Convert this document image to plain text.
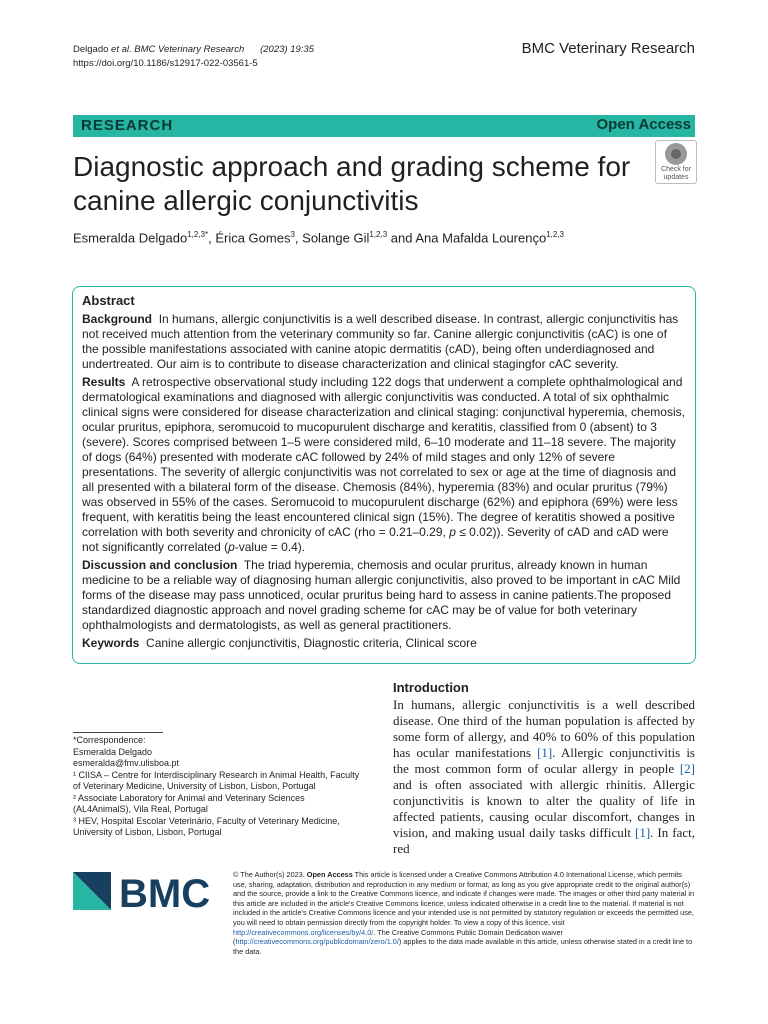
Delgado et al. BMC Veterinary Research (2023) 19:35
https://doi.org/10.1186/s12917-022-03561-5
BMC Veterinary Research
RESEARCH	Open Access
Diagnostic approach and grading scheme for canine allergic conjunctivitis
Check for
updates
Esmeralda Delgado$^{1,2,3*}$, Érica Gomes$^3$, Solange Gil$^{1,2,3}$ and Ana Mafalda Lourenço$^{1,2,3}$
Abstract

Background In humans, allergic conjunctivitis is a well described disease. In contrast, allergic conjunctivitis has not received much attention from the veterinary community so far. Canine allergic conjunctivitis (cAC) is one of the possible manifestations associated with canine atopic dermatitis (cAD), being often underdiagnosed and undertreated. Our aim is to contribute to disease characterization and clinical stagingfor cAC severity.

Results A retrospective observational study including 122 dogs that underwent a complete ophthalmological and dermatological examinations and diagnosed with allergic conjunctivitis was conducted. A total of six ophthalmic clinical signs were considered for disease characterization and clinical staging: conjunctival hyperemia, chemosis, ocular pruritus, epiphora, seromucoid to mucopurulent discharge and keratitis, classified from 0 (absent) to 3 (severe). Scores comprised between 1–5 were considered mild, 6–10 moderate and 11–18 severe. The majority of dogs (64%) presented with moderate cAC followed by 24% of mild stages and only 12% of severe presentations. The severity of allergic conjunctivitis was not correlated to sex or age at the time of diagnosis and all presented with a bilateral form of the disease. Chemosis (84%), hyperemia (83%) and ocular pruritus (79%) was observed in 55% of the cases. Seromucoid to mucopurulent discharge (62%) and epiphora (69%) were less frequent, with keratitis being the least encountered clinical sign (15%). The degree of keratitis showed a positive correlation with both severity and chronicity of cAC (rho = 0.21–0.29, p ≤ 0.02)). Severity of cAD and cAD were not significantly correlated (p-value = 0.4).

Discussion and conclusion The triad hyperemia, chemosis and ocular pruritus, already known in human medicine to be a reliable way of diagnosing human allergic conjunctivitis, also proved to be important in cAC Mild forms of the disease may pass unnoticed, ocular pruritus being hard to assess in canine patients.The proposed standardized diagnostic approach and novel grading scheme for cAC may be of value for both veterinary ophthalmologists and dermatologists, as well as general practitioners.

Keywords Canine allergic conjunctivitis, Diagnostic criteria, Clinical score

*Correspondence:
Esmeralda Delgado
esmeralda@fmv.ulisboa.pt
¹ CIISA – Centre for Interdisciplinary Research in Animal Health, Faculty of Veterinary Medicine, University of Lisbon, Lisbon, Portugal
² Associate Laboratory for Animal and Veterinary Sciences (AL4AnimalS), Vila Real, Portugal
³ HEV, Hospital Escolar Veterinário, Faculty of Veterinary Medicine, University of Lisbon, Lisbon, Portugal
Introduction

In humans, allergic conjunctivitis is a well described disease. One third of the human population is affected by some form of allergy, and 40% to 60% of this population has ocular manifestations [1]. Allergic conjunctivitis is the most common form of ocular allergy in people [2] and is often associated with allergic rhinitis. Allergic conjunctivitis is known to alter the quality of life in affected patients, causing ocular discomfort, changes in vision, and making usual daily tasks difficult [1]. In fact, red

BMC	© The Author(s) 2023. Open Access This article is licensed under a Creative Commons Attribution 4.0 International License, which permits use, sharing, adaptation, distribution and reproduction in any medium or format, as long as you give appropriate credit to the original author(s) and the source, provide a link to the Creative Commons licence, and indicate if changes were made. The images or other third party material in this article are included in the article's Creative Commons licence, unless indicated otherwise in a credit line to the material. If material is not included in the article's Creative Commons licence and your intended use is not permitted by statutory regulation or exceeds the permitted use, you will need to obtain permission directly from the copyright holder. To view a copy of this licence, visit http://creativecommons.org/licenses/by/4.0/. The Creative Commons Public Domain Dedication waiver (http://creativecommons.org/publicdomain/zero/1.0/) applies to the data made available in this article, unless otherwise stated in a credit line to the data.
